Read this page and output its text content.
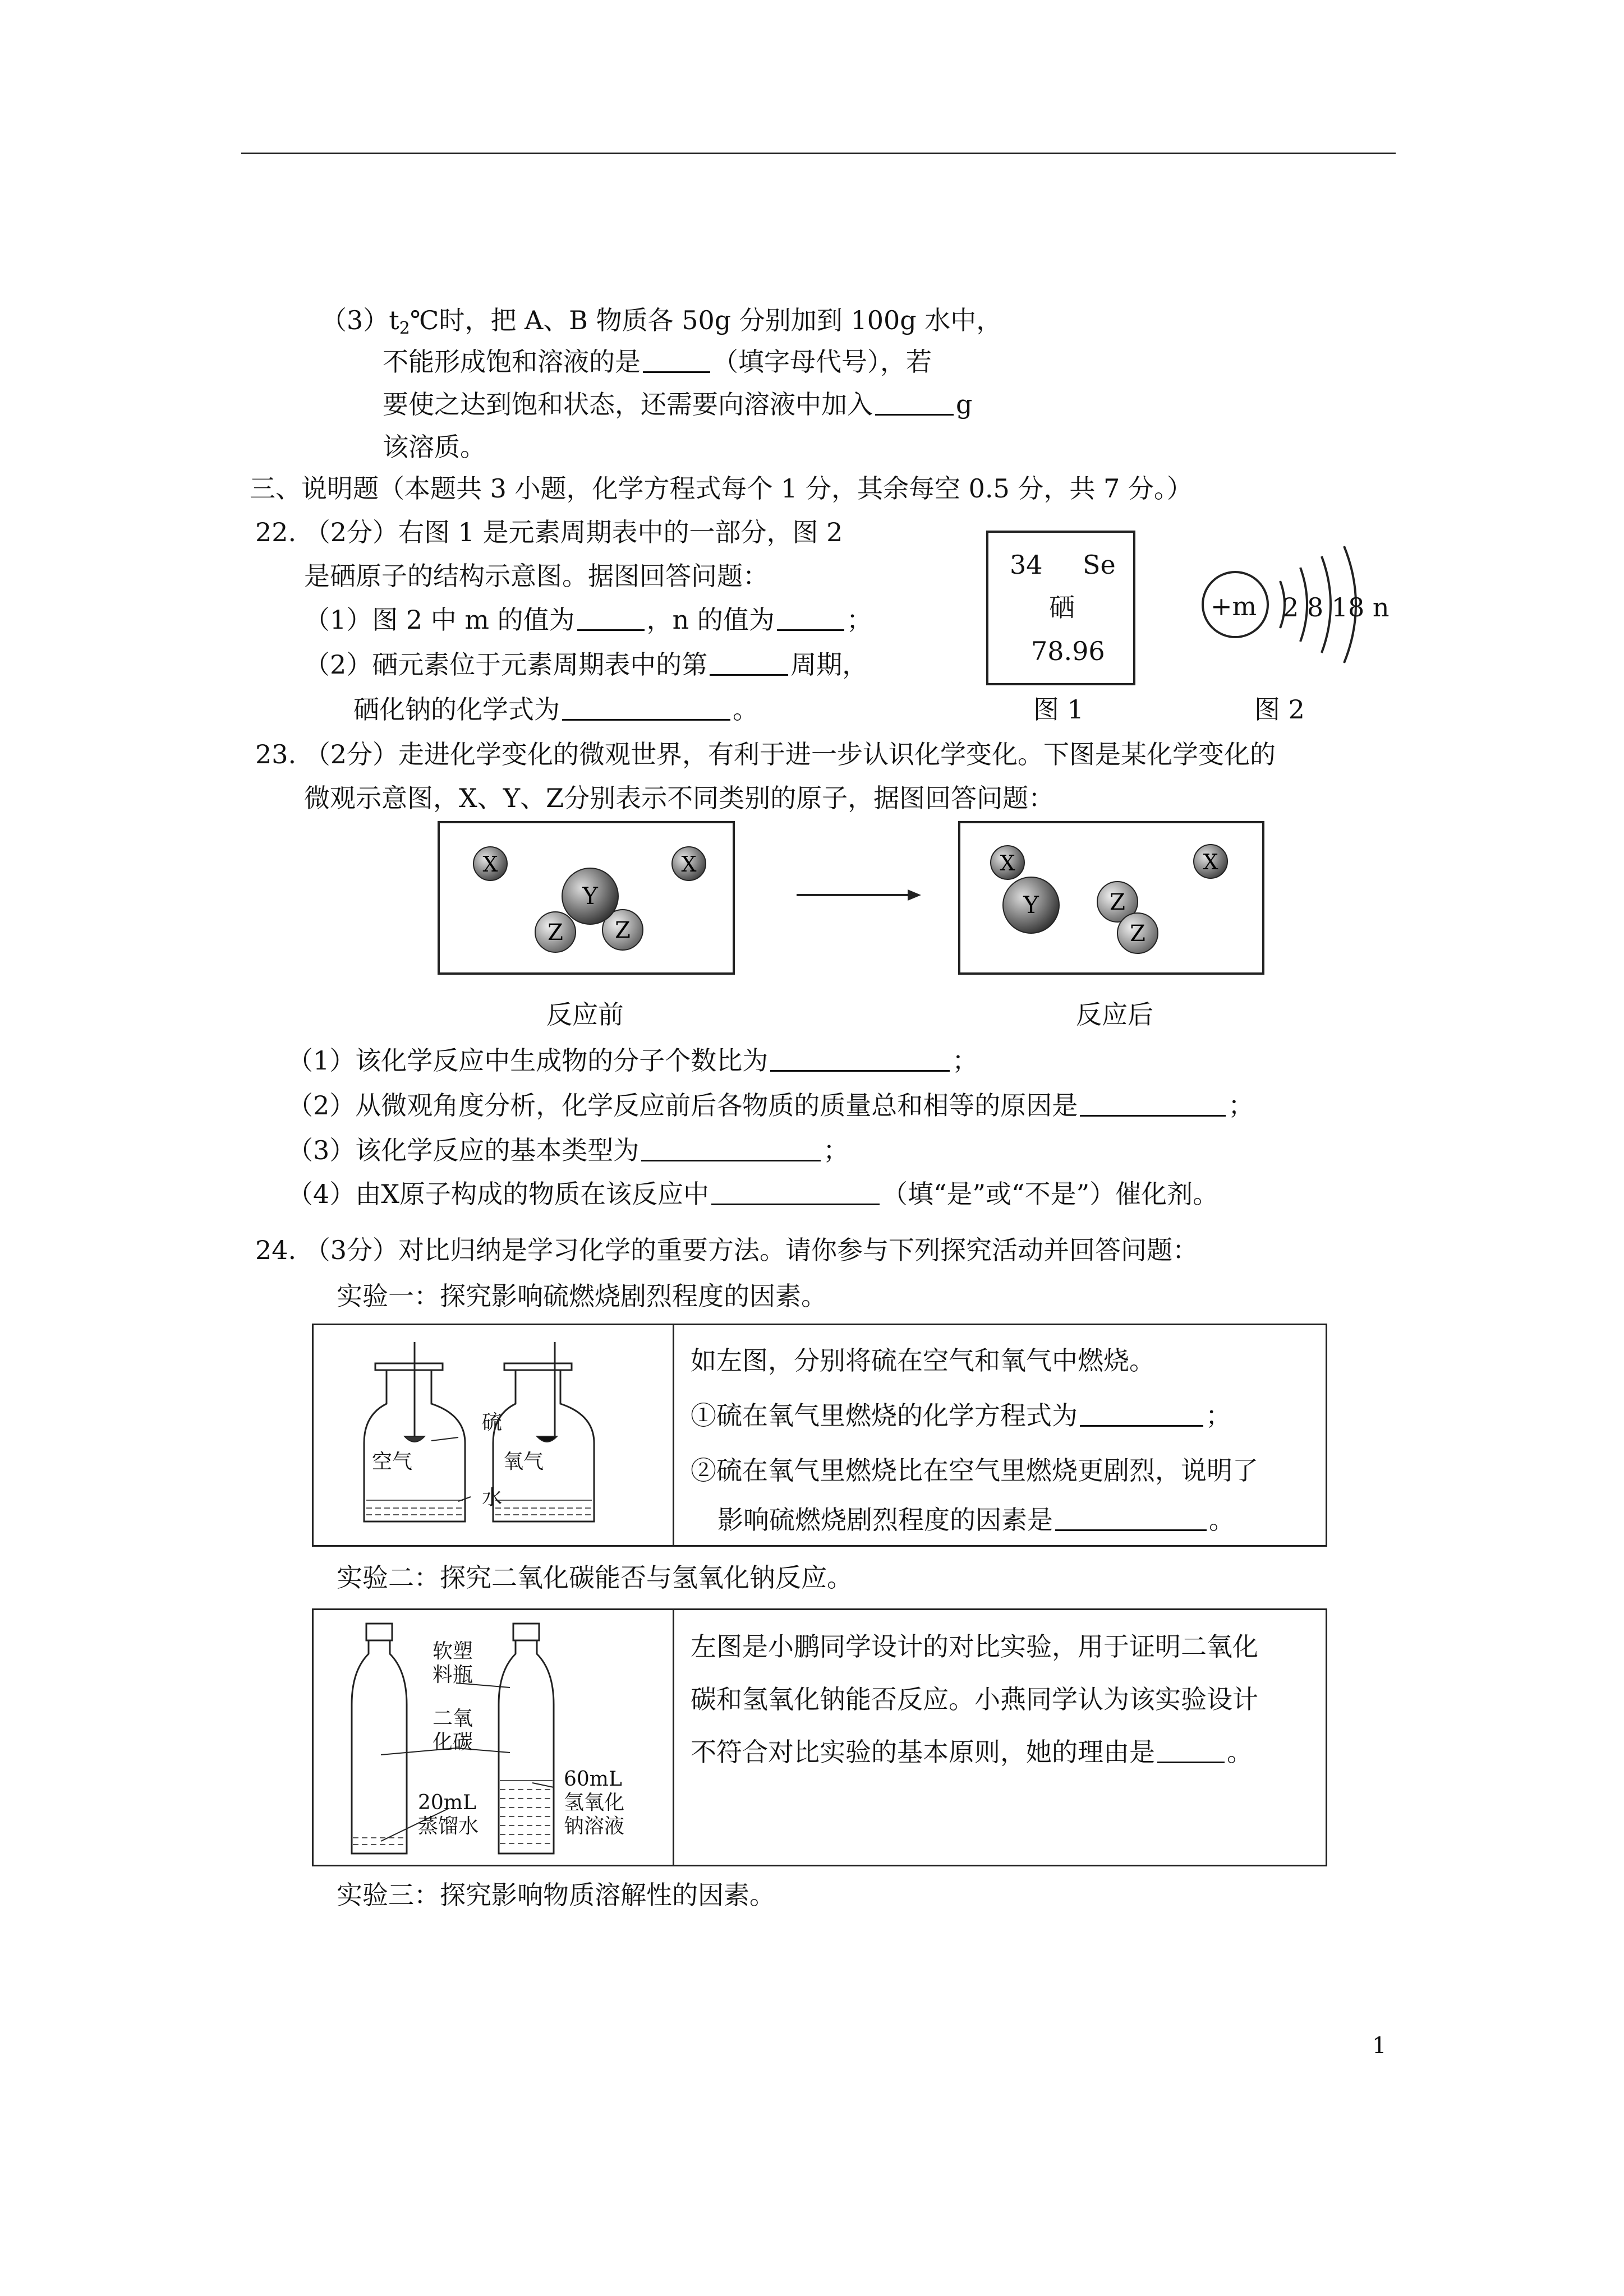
$(3)t_2℃$时，把 A、B 物质各 50g 分别加到 100g 水中，
不能形成饱和溶液的是	（填字母代号），若
要使之达到饱和状态，还需要向溶液中加入	g
该溶质。
三、说明题（本题共 3 小题，化学方程式每个 1 分，其余每空 0.5 分，共 7 分。）
22. （2分）右图 1 是元素周期表中的一部分，图 2
是硒原子的结构示意图。据图回答问题：
（1）图 2 中 m 的值为	，n 的值为	；
（2）硒元素位于元素周期表中的第	周期，
硒化钠的化学式为	。
34 Se
硒
78.96
图 1
+m 2 8 18 n
图 2
23. （2分）走进化学变化的微观世界，有利于进一步认识化学变化。下图是某化学变化的
微观示意图，X、Y、Z分别表示不同类别的原子，据图回答问题：
X	X
Y
Z Z
X	X
Y	Z
Z
反应前	反应后
（1）该化学反应中生成物的分子个数比为	；
（2）从微观角度分析，化学反应前后各物质的质量总和相等的原因是	；
（3）该化学反应的基本类型为	；
（4）由X原子构成的物质在该反应中	（填“是”或“不是”）催化剂。
24. （3分）对比归纳是学习化学的重要方法。请你参与下列探究活动并回答问题：
实验一：探究影响硫燃烧剧烈程度的因素。
硫
空气	氧气
水
如左图，分别将硫在空气和氧气中燃烧。
①硫在氧气里燃烧的化学方程式为	；
②硫在氧气里燃烧比在空气里燃烧更剧烈，说明了
影响硫燃烧剧烈程度的因素是	。
实验二：探究二氧化碳能否与氢氧化钠反应。
软塑
料瓶
二氧
化碳
20mL
蒸馏水
60mL
氢氧化
钠溶液
左图是小鹏同学设计的对比实验，用于证明二氧化
碳和氢氧化钠能否反应。小燕同学认为该实验设计
不符合对比实验的基本原则，她的理由是	。
实验三：探究影响物质溶解性的因素。
1
